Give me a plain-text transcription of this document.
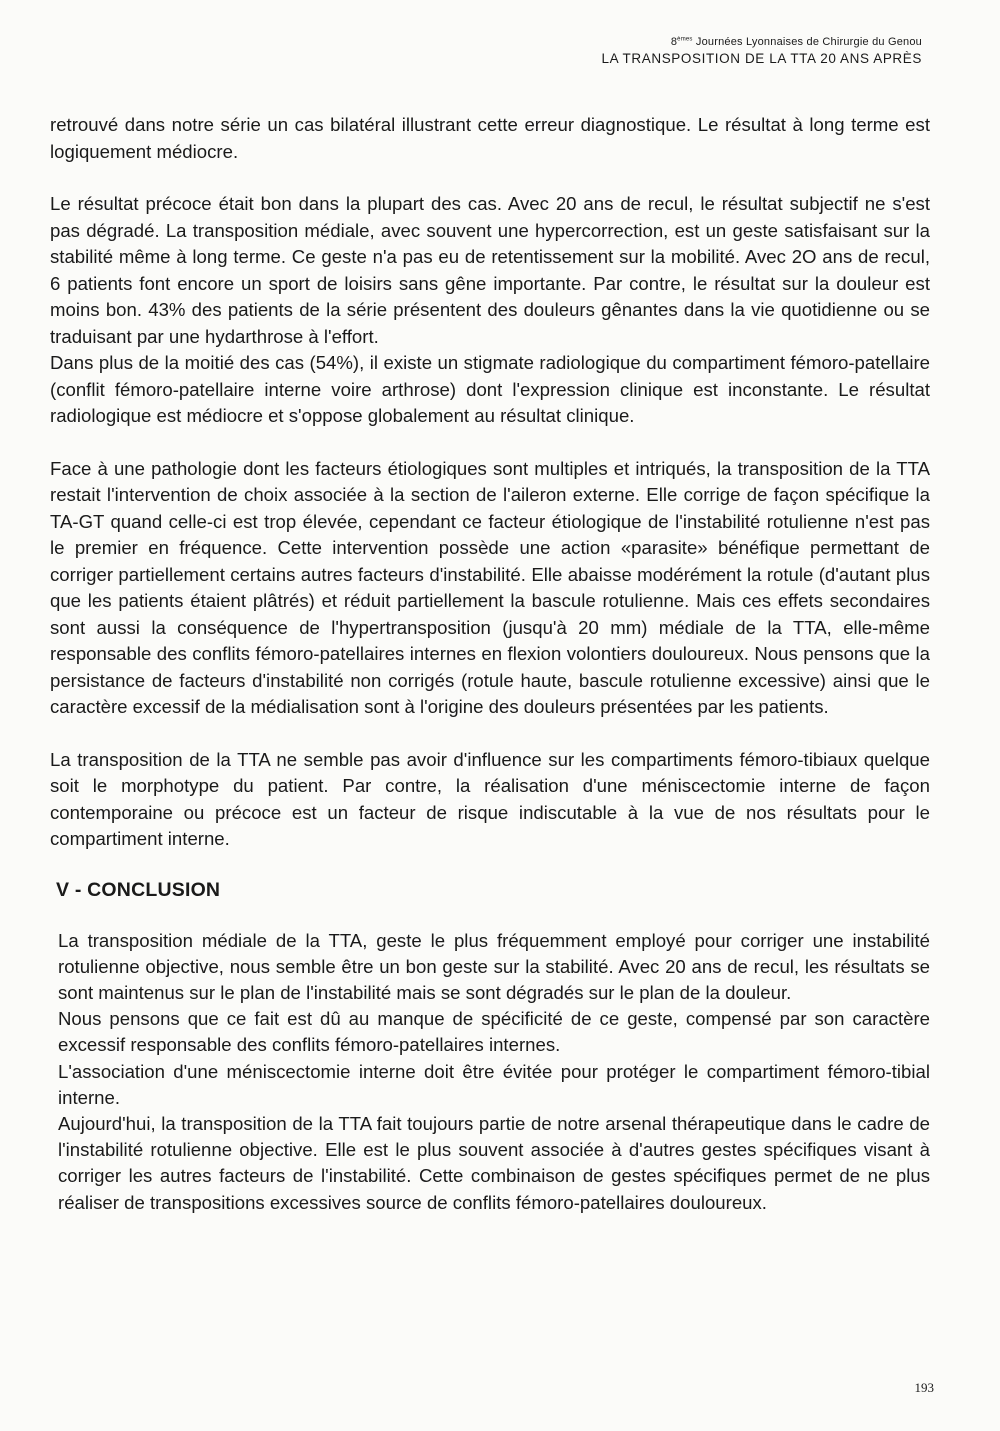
8èmes Journées Lyonnaises de Chirurgie du Genou
LA TRANSPOSITION DE LA TTA 20 ANS APRÈS

retrouvé dans notre série un cas bilatéral illustrant cette erreur diagnostique. Le résultat à long terme est logiquement médiocre.

Le résultat précoce était bon dans la plupart des cas. Avec 20 ans de recul, le résultat subjectif ne s'est pas dégradé. La transposition médiale, avec souvent une hypercorrection, est un geste satisfaisant sur la stabilité même à long terme. Ce geste n'a pas eu de retentissement sur la mobilité. Avec 2O ans de recul, 6 patients font encore un sport de loisirs sans gêne importante. Par contre, le résultat sur la douleur est moins bon. 43% des patients de la série présentent des douleurs gênantes dans la vie quotidienne ou se traduisant par une hydarthrose à l'effort.

Dans plus de la moitié des cas (54%), il existe un stigmate radiologique du compartiment fémoro-patellaire (conflit fémoro-patellaire interne voire arthrose) dont l'expression clinique est inconstante. Le résultat radiologique est médiocre et s'oppose globalement au résultat clinique.

Face à une pathologie dont les facteurs étiologiques sont multiples et intriqués, la transposition de la TTA restait l'intervention de choix associée à la section de l'aileron externe. Elle corrige de façon spécifique la TA-GT quand celle-ci est trop élevée, cependant ce facteur étiologique de l'instabilité rotulienne n'est pas le premier en fréquence. Cette intervention possède une action «parasite» bénéfique permettant de corriger partiellement certains autres facteurs d'instabilité. Elle abaisse modérément la rotule (d'autant plus que les patients étaient plâtrés) et réduit partiellement la bascule rotulienne. Mais ces effets secondaires sont aussi la conséquence de l'hypertransposition (jusqu'à 20 mm) médiale de la TTA, elle-même responsable des conflits fémoro-patellaires internes en flexion volontiers douloureux. Nous pensons que la persistance de facteurs d'instabilité non corrigés (rotule haute, bascule rotulienne excessive) ainsi que le caractère excessif de la médialisation sont à l'origine des douleurs présentées par les patients.

La transposition de la TTA ne semble pas avoir d'influence sur les compartiments fémoro-tibiaux quelque soit le morphotype du patient. Par contre, la réalisation d'une méniscectomie interne de façon contemporaine ou précoce est un facteur de risque indiscutable à la vue de nos résultats pour le compartiment interne.

V - CONCLUSION

La transposition médiale de la TTA, geste le plus fréquemment employé pour corriger une instabilité rotulienne objective, nous semble être un bon geste sur la stabilité. Avec 20 ans de recul, les résultats se sont maintenus sur le plan de l'instabilité mais se sont dégradés sur le plan de la douleur.

Nous pensons que ce fait est dû au manque de spécificité de ce geste, compensé par son caractère excessif responsable des conflits fémoro-patellaires internes.

L'association d'une méniscectomie interne doit être évitée pour protéger le compartiment fémoro-tibial interne.

Aujourd'hui, la transposition de la TTA fait toujours partie de notre arsenal thérapeutique dans le cadre de l'instabilité rotulienne objective. Elle est le plus souvent associée à d'autres gestes spécifiques visant à corriger les autres facteurs de l'instabilité. Cette combinaison de gestes spécifiques permet de ne plus réaliser de transpositions excessives source de conflits fémoro-patellaires douloureux.

193
